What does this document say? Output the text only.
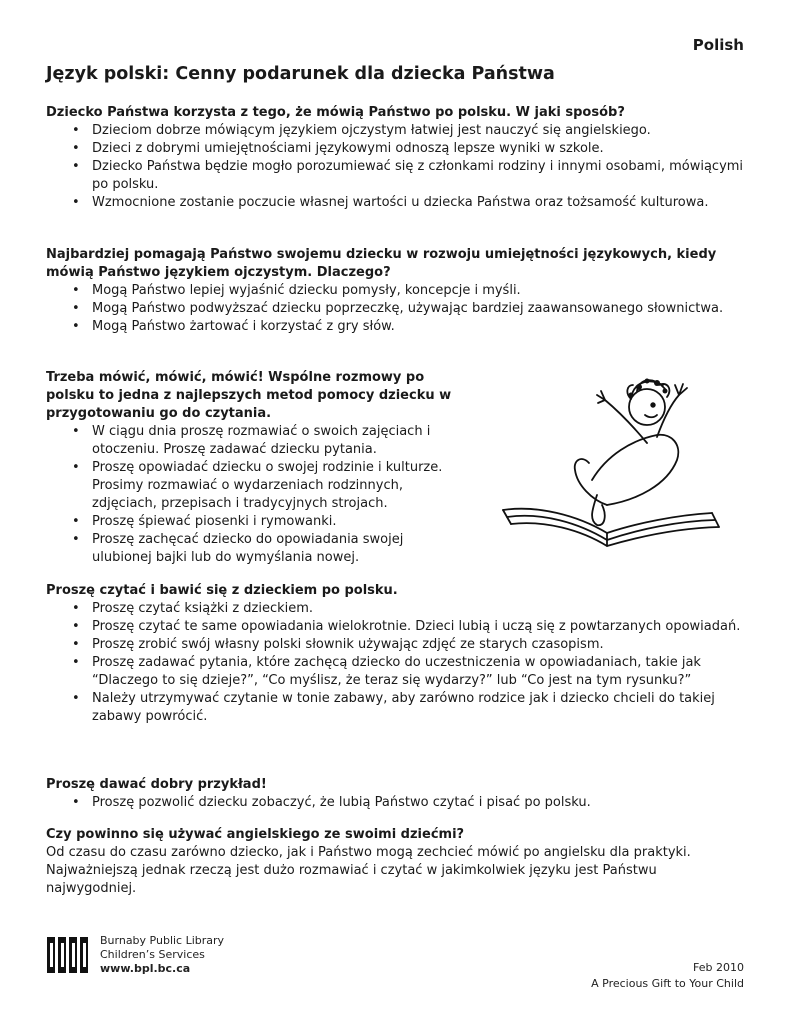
Polish
Język polski: Cenny podarunek dla dziecka Państwa
Dziecko Państwa korzysta z tego, że mówią Państwo po polsku. W jaki sposób?
• Dzieciom dobrze mówiącym językiem ojczystym łatwiej jest nauczyć się angielskiego.
• Dzieci z dobrymi umiejętnościami językowymi odnoszą lepsze wyniki w szkole.
• Dziecko Państwa będzie mogło porozumiewać się z członkami rodziny i innymi osobami, mówiącymi po polsku.
• Wzmocnione zostanie poczucie własnej wartości u dziecka Państwa oraz tożsamość kulturowa.
Najbardziej pomagają Państwo swojemu dziecku w rozwoju umiejętności językowych, kiedy mówią Państwo językiem ojczystym. Dlaczego?
• Mogą Państwo lepiej wyjaśnić dziecku pomysły, koncepcje i myśli.
• Mogą Państwo podwyższać dziecku poprzeczkę, używając bardziej zaawansowanego słownictwa.
• Mogą Państwo żartować i korzystać z gry słów.
Trzeba mówić, mówić, mówić! Wspólne rozmowy po polsku to jedna z najlepszych metod pomocy dziecku w przygotowaniu go do czytania.
• W ciągu dnia proszę rozmawiać o swoich zajęciach i otoczeniu. Proszę zadawać dziecku pytania.
• Proszę opowiadać dziecku o swojej rodzinie i kulturze. Prosimy rozmawiać o wydarzeniach rodzinnych, zdjęciach, przepisach i tradycyjnych strojach.
• Proszę śpiewać piosenki i rymowanki.
• Proszę zachęcać dziecko do opowiadania swojej ulubionej bajki lub do wymyślania nowej.
Proszę czytać i bawić się z dzieckiem po polsku.
• Proszę czytać książki z dzieckiem.
• Proszę czytać te same opowiadania wielokrotnie. Dzieci lubią i uczą się z powtarzanych opowiadań.
• Proszę zrobić swój własny polski słownik używając zdjęć ze starych czasopism.
• Proszę zadawać pytania, które zachęcą dziecko do uczestniczenia w opowiadaniach, takie jak “Dlaczego to się dzieje?”, “Co myślisz, że teraz się wydarzy?” lub “Co jest na tym rysunku?”
• Należy utrzymywać czytanie w tonie zabawy, aby zarówno rodzice jak i dziecko chcieli do takiej zabawy powrócić.
Proszę dawać dobry przykład!
• Proszę pozwolić dziecku zobaczyć, że lubią Państwo czytać i pisać po polsku.
Czy powinno się używać angielskiego ze swoimi dziećmi?

Od czasu do czasu zarówno dziecko, jak i Państwo mogą zechcieć mówić po angielsku dla praktyki. Najważniejszą jednak rzeczą jest dużo rozmawiać i czytać w jakimkolwiek języku jest Państwu najwygodniej.

Burnaby Public Library
Children’s Services
www.bpl.bc.ca	Feb 2010
A Precious Gift to Your Child
